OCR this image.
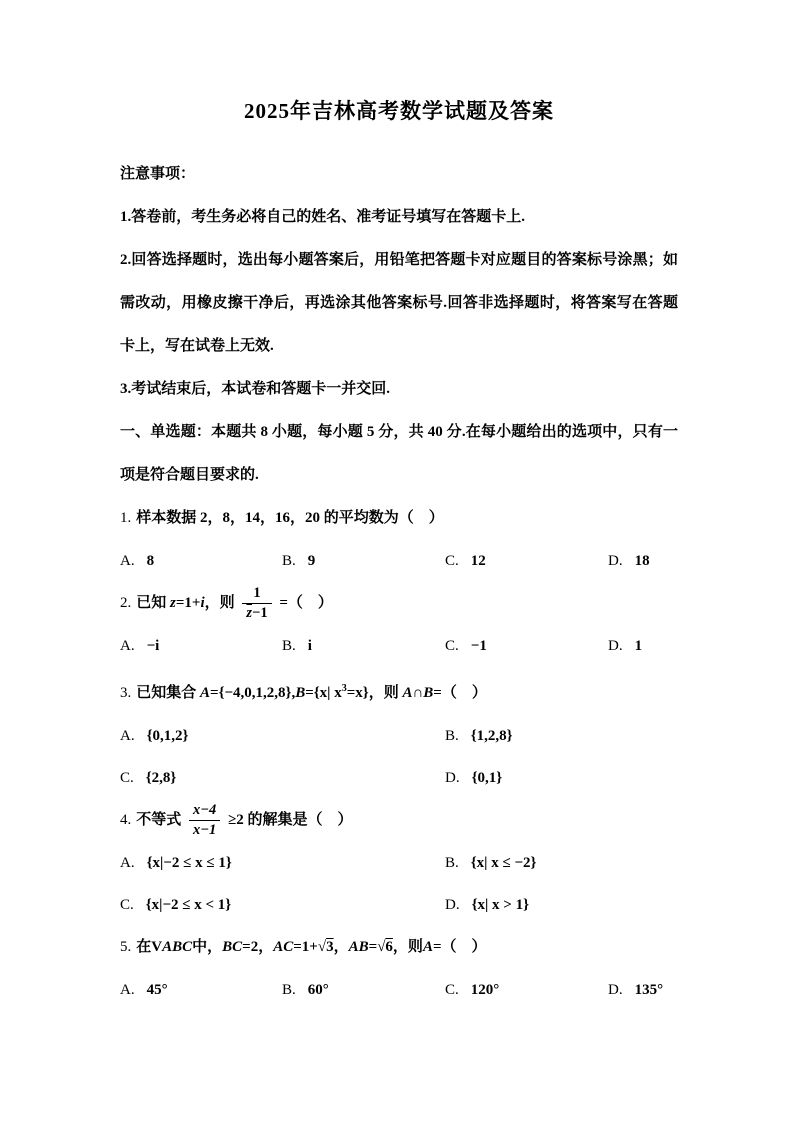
2025年吉林高考数学试题及答案

注意事项：

1.答卷前，考生务必将自己的姓名、准考证号填写在答题卡上.

2.回答选择题时，选出每小题答案后，用铅笔把答题卡对应题目的答案标号涂黑；如需改动，用橡皮擦干净后，再选涂其他答案标号.回答非选择题时，将答案写在答题卡上，写在试卷上无效.

3.考试结束后，本试卷和答题卡一并交回.

一、单选题：本题共 8 小题，每小题 5 分，共 40 分.在每小题给出的选项中，只有一项是符合题目要求的.

1. 样本数据 2，8，14，16，20 的平均数为（　）

A. 8	B. 9	C. 12	D. 18

2. 已知 z=1+i，则 $\frac{1}{\overline{z}-1}$ =（　）

A. −i	B. i	C. −1	D. 1

3. 已知集合 A={−4,0,1,2,8},B={x| $x^3=x$}，则 A∩B=（　）

A. {0,1,2}	B. {1,2,8}
C. {2,8}	D. {0,1}

4. 不等式 $\frac{x-4}{x-1} \ge 2$ 的解集是（　）

A. {x|−2 ≤ x ≤ 1}	B. {x| x ≤ −2}
C. {x|−2 ≤ x < 1}	D. {x| x > 1}

5. 在VABC中，BC=2，AC=1+√3，AB=√6，则A=（　）

A. 45°	B. 60°	C. 120°	D. 135°
